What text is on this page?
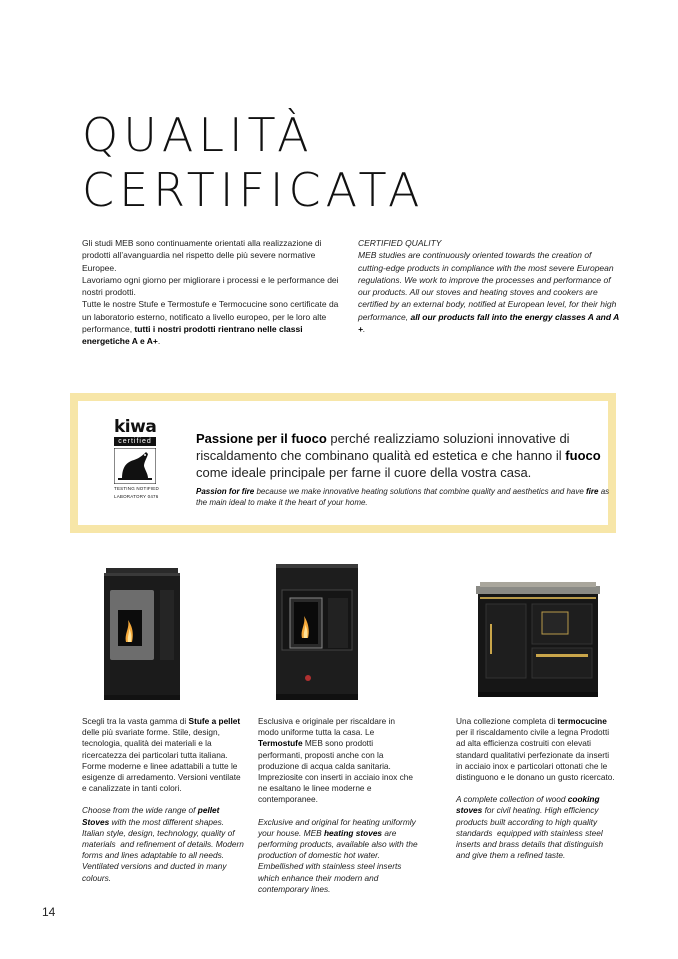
QUALITÀ
CERTIFICATA
Gli studi MEB sono continuamente orientati alla realizzazione di prodotti all’avanguardia nel rispetto delle più severe normative Europee.
Lavoriamo ogni giorno per migliorare i processi e le performance dei nostri prodotti.
Tutte le nostre Stufe e Termostufe e Termocucine sono certificate da un laboratorio esterno, notificato a livello europeo, per le loro alte performance, tutti i nostri prodotti rientrano nelle classi energetiche A e A+.
CERTIFIED QUALITY
MEB studies are continuously oriented towards the creation of cutting-edge products in compliance with the most severe European       regulations. We work to improve the processes and performance of our products. All our stoves and heating stoves and cookers are certified by an external body, notified at European level, for their high performance, all our products fall into the energy classes A and A +.
kiwa
certified
TESTING NOTIFIED
LABORATORY 0476
Passione per il fuoco perché realizziamo soluzioni innovative di riscaldamento che combinano qualità ed estetica e che hanno il fuoco come ideale principale per farne il cuore della vostra casa.
Passion for fire because we make innovative heating solutions that combine quality and aesthetics and have fire as the main ideal to make it the heart of your home.
Scegli tra la vasta gamma di Stufe a pellet delle più svariate forme. Stile, design, tecnologia, qualità dei materiali e la ricercatezza dei particolari tutta italiana. Forme moderne e linee adattabili a tutte le esigenze di arredamento. Versioni ventilate e canalizzate in tanti colori.
Choose from the wide range of pellet Stoves with the most different shapes. Italian style, design, technology, quality of materials  and refinement of details. Modern forms and lines adaptable to all needs. Ventilated versions and ducted in many colours.
Esclusiva e originale per riscaldare in modo uniforme tutta la casa. Le Termostufe MEB sono prodotti performanti, proposti anche con la produzione di acqua calda sanitaria. Impreziosite con inserti in acciaio inox che ne esaltano le linee moderne e contemporanee.
Exclusive and original for heating uniformly your house. MEB heating stoves are performing products, available also with the production of domestic hot water. Embellished with stainless steel inserts which enhance their modern and contemporary lines.
Una collezione completa di termocucine per il riscaldamento civile a legna Prodotti ad alta efficienza costruiti con elevati standard qualitativi perfezionate da inserti in acciaio inox e particolari ottonati che le distinguono e le donano un gusto ricercato.
A complete collection of wood cooking stoves for civil heating. High efficiency products built according to high quality standards  equipped with stainless steel inserts and brass details that distinguish and give them a refined taste.
14
